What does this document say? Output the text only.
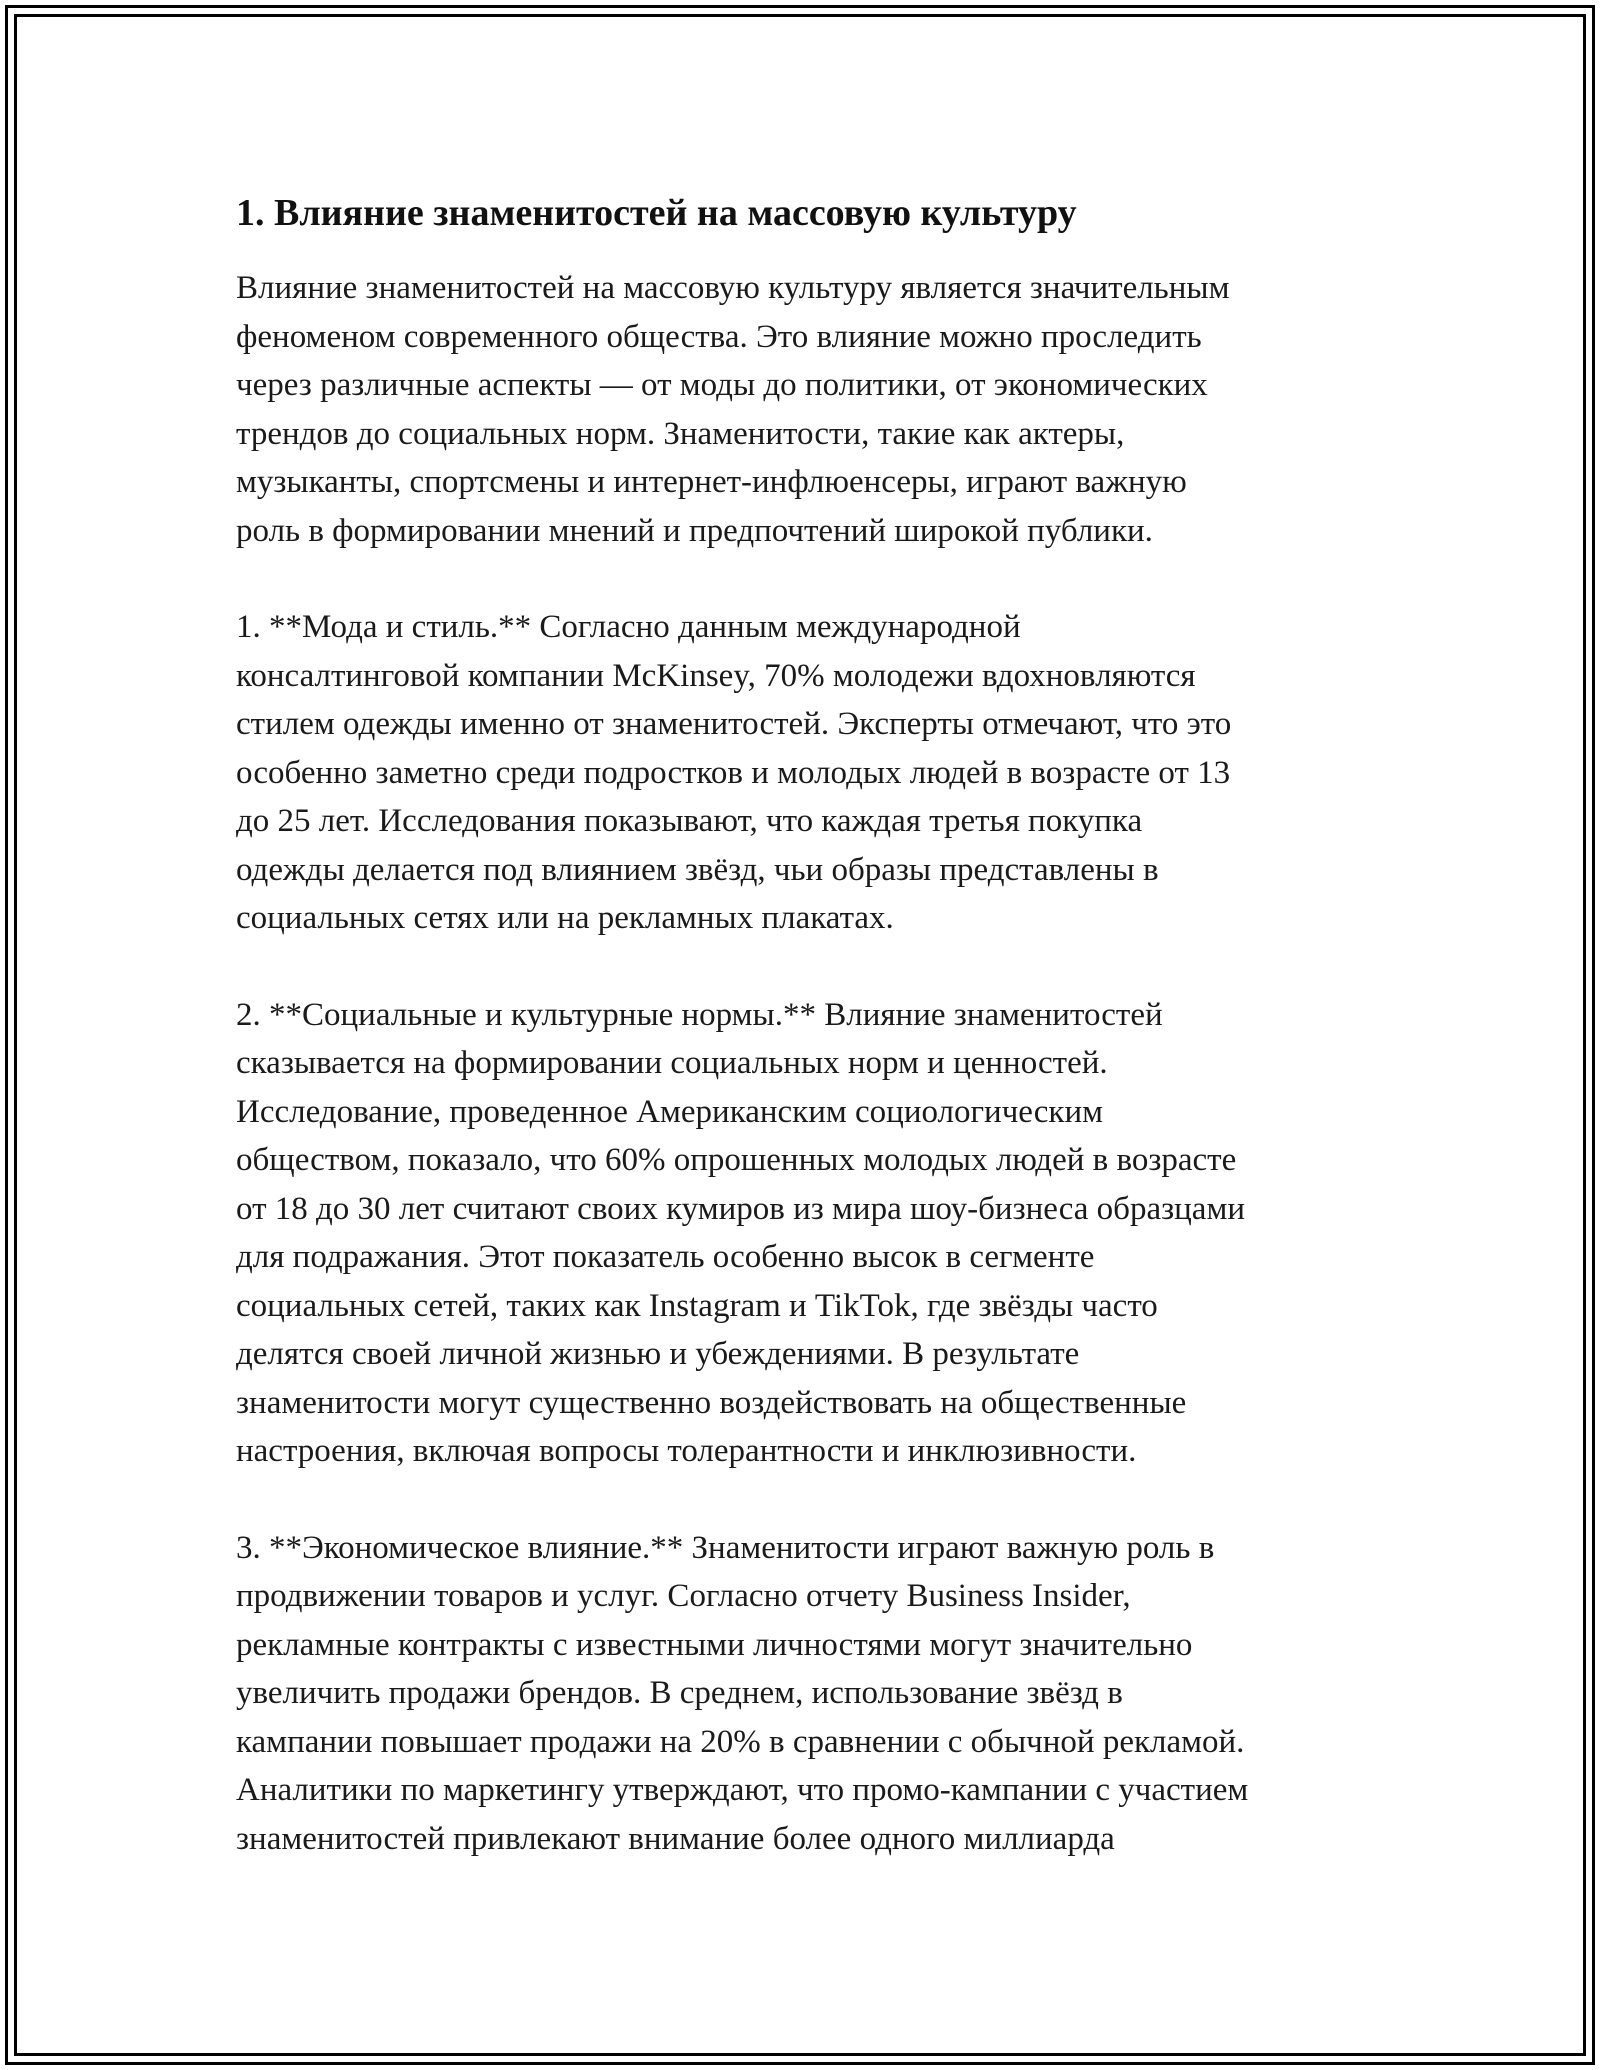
1. Влияние знаменитостей на массовую культуру
Влияние знаменитостей на массовую культуру является значительным
феноменом современного общества. Это влияние можно проследить
через различные аспекты — от моды до политики, от экономических
трендов до социальных норм. Знаменитости, такие как актеры,
музыканты, спортсмены и интернет-инфлюенсеры, играют важную
роль в формировании мнений и предпочтений широкой публики.
1. **Мода и стиль.** Согласно данным международной
консалтинговой компании McKinsey, 70% молодежи вдохновляются
стилем одежды именно от знаменитостей. Эксперты отмечают, что это
особенно заметно среди подростков и молодых людей в возрасте от 13
до 25 лет. Исследования показывают, что каждая третья покупка
одежды делается под влиянием звёзд, чьи образы представлены в
социальных сетях или на рекламных плакатах.
2. **Социальные и культурные нормы.** Влияние знаменитостей
сказывается на формировании социальных норм и ценностей.
Исследование, проведенное Американским социологическим
обществом, показало, что 60% опрошенных молодых людей в возрасте
от 18 до 30 лет считают своих кумиров из мира шоу-бизнеса образцами
для подражания. Этот показатель особенно высок в сегменте
социальных сетей, таких как Instagram и TikTok, где звёзды часто
делятся своей личной жизнью и убеждениями. В результате
знаменитости могут существенно воздействовать на общественные
настроения, включая вопросы толерантности и инклюзивности.
3. **Экономическое влияние.** Знаменитости играют важную роль в
продвижении товаров и услуг. Согласно отчету Business Insider,
рекламные контракты с известными личностями могут значительно
увеличить продажи брендов. В среднем, использование звёзд в
кампании повышает продажи на 20% в сравнении с обычной рекламой.
Аналитики по маркетингу утверждают, что промо-кампании с участием
знаменитостей привлекают внимание более одного миллиарда
